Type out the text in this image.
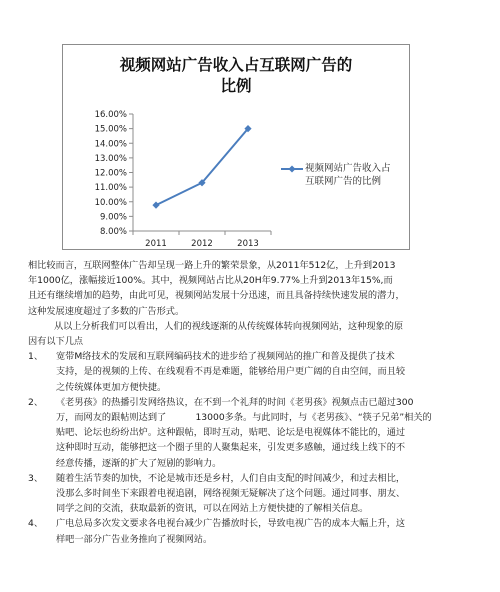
视频网站广告收入占互联网广告的
比例
16.00%
15.00%
14.00%
13.00%
12.00%
11.00%
10.00%
9.00%
8.00%
2011	2012	2013
视频网站广告收入占
互联网广告的比例
相比较而言，互联网整体广告却呈现一路上升的繁荣景象，从2011年512亿，上升到2013
年1000亿，涨幅接近100%。其中，视频网站占比从20H年9.77%上升到2013年15%,而
且还有继续增加的趋势，由此可见，视频网站发展十分迅速，而且具备持续快速发展的潜力，
这种发展速度超过了多数的广告形式。
从以上分析我们可以看出，人们的视线逐渐的从传统媒体转向视频网站，这种现象的原
因有以下几点
1、 宽带M络技术的发展和互联网编码技术的进步给了视频网站的推广和普及提供了技术
支持，是的视频的上传、在线观看不再是难题，能够给用户更广阔的自由空间，而且较
之传统媒体更加方便快捷。
2、 《老男孩》的热播引发网络热议，在不到一个礼拜的时间《老男孩》视频点击已超过300
万，而网友的跟帖则达到了          13000多条。与此同时，与《老男孩》、“筷子兄弟”相关的
贴吧、论坛也纷纷出炉。这种跟帖，即时互动，贴吧、论坛是电视媒体不能比的，通过
这种即时互动，能够把这一个圈子里的人聚集起来，引发更多感触，通过线上线下的不
经意传播，逐渐的扩大了短剧的影响力。
3、 随着生活节奏的加快，不论是城市还是乡村，人们自由支配的时间减少，和过去相比，
没那么多时间坐下来跟着电视追剧，网络视频无疑解决了这个问题。通过同事、朋友、
同学之间的交流，获取最新的资讯，可以在网站上方便快捷的了解相关信息。
4、 广电总局多次发文要求各电视台减少广告播放时长，导致电视广告的成本大幅上升，这
样吧一部分广告业务推向了视频网站。
